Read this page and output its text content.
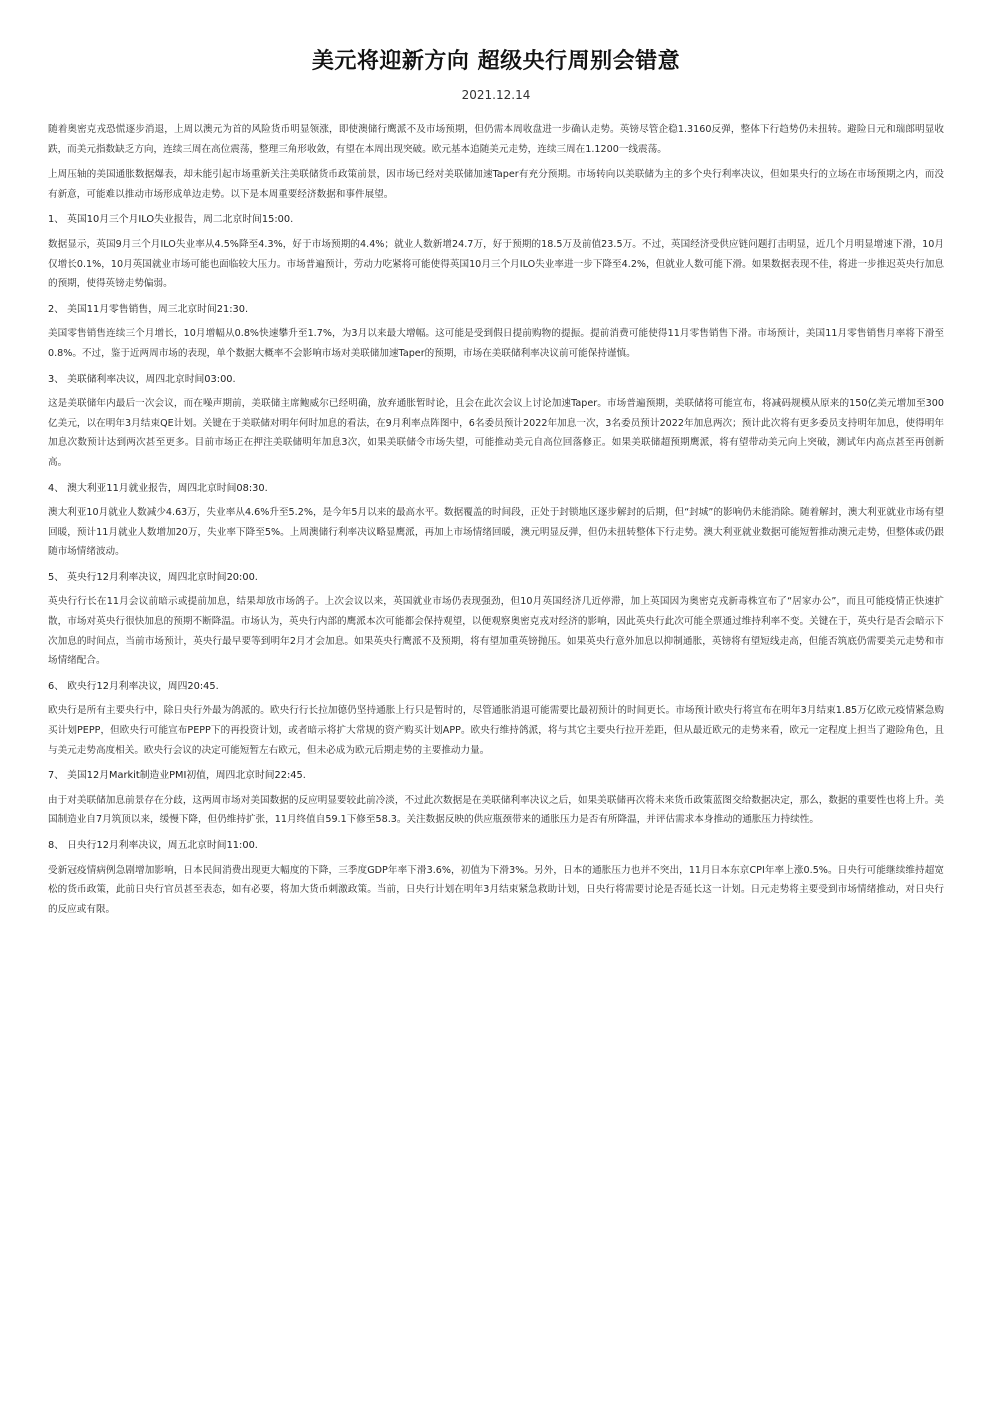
美元将迎新方向 超级央行周别会错意
2021.12.14

随着奥密克戎恐慌逐步消退，上周以澳元为首的风险货币明显领涨，即使澳储行鹰派不及市场预期，但仍需本周收盘进一步确认走势。英镑尽管企稳1.3160反弹，整体下行趋势仍未扭转。避险日元和瑞郎明显收跌，而美元指数缺乏方向，连续三周在高位震荡，整理三角形收敛，有望在本周出现突破。欧元基本追随美元走势，连续三周在1.1200一线震荡。

上周压轴的美国通胀数据爆表，却未能引起市场重新关注美联储货币政策前景，因市场已经对美联储加速Taper有充分预期。市场转向以美联储为主的多个央行利率决议，但如果央行的立场在市场预期之内，而没有新意，可能难以推动市场形成单边走势。以下是本周重要经济数据和事件展望。

1、 英国10月三个月ILO失业报告，周二北京时间15:00.

数据显示，英国9月三个月ILO失业率从4.5%降至4.3%，好于市场预期的4.4%；就业人数新增24.7万，好于预期的18.5万及前值23.5万。不过，英国经济受供应链问题打击明显，近几个月明显增速下滑，10月仅增长0.1%，10月英国就业市场可能也面临较大压力。市场普遍预计，劳动力吃紧将可能使得英国10月三个月ILO失业率进一步下降至4.2%，但就业人数可能下滑。如果数据表现不佳，将进一步推迟英央行加息的预期，使得英镑走势偏弱。

2、 美国11月零售销售，周三北京时间21:30.

美国零售销售连续三个月增长，10月增幅从0.8%快速攀升至1.7%，为3月以来最大增幅。这可能是受到假日提前购物的提振。提前消费可能使得11月零售销售下滑。市场预计，美国11月零售销售月率将下滑至0.8%。不过，鉴于近两周市场的表现，单个数据大概率不会影响市场对美联储加速Taper的预期，市场在美联储利率决议前可能保持谨慎。

3、 美联储利率决议，周四北京时间03:00.

这是美联储年内最后一次会议，而在噪声期前，美联储主席鲍威尔已经明确，放弃通胀暂时论，且会在此次会议上讨论加速Taper。市场普遍预期，美联储将可能宣布，将减码规模从原来的150亿美元增加至300亿美元，以在明年3月结束QE计划。关键在于美联储对明年何时加息的看法，在9月利率点阵图中，6名委员预计2022年加息一次，3名委员预计2022年加息两次；预计此次将有更多委员支持明年加息，使得明年加息次数预计达到两次甚至更多。目前市场正在押注美联储明年加息3次，如果美联储令市场失望，可能推动美元自高位回落修正。如果美联储超预期鹰派，将有望带动美元向上突破，测试年内高点甚至再创新高。

4、 澳大利亚11月就业报告，周四北京时间08:30.

澳大利亚10月就业人数减少4.63万，失业率从4.6%升至5.2%，是今年5月以来的最高水平。数据覆盖的时间段，正处于封锁地区逐步解封的后期，但“封城”的影响仍未能消除。随着解封，澳大利亚就业市场有望回暖，预计11月就业人数增加20万，失业率下降至5%。上周澳储行利率决议略显鹰派，再加上市场情绪回暖，澳元明显反弹，但仍未扭转整体下行走势。澳大利亚就业数据可能短暂推动澳元走势，但整体或仍跟随市场情绪波动。

5、 英央行12月利率决议，周四北京时间20:00.

英央行行长在11月会议前暗示或提前加息，结果却放市场鸽子。上次会议以来，英国就业市场仍表现强劲，但10月英国经济几近停滞，加上英国因为奥密克戎新毒株宣布了“居家办公”，而且可能疫情正快速扩散，市场对英央行很快加息的预期不断降温。市场认为，英央行内部的鹰派本次可能都会保持观望，以便观察奥密克戎对经济的影响，因此英央行此次可能全票通过维持利率不变。关键在于，英央行是否会暗示下次加息的时间点，当前市场预计，英央行最早要等到明年2月才会加息。如果英央行鹰派不及预期，将有望加重英镑抛压。如果英央行意外加息以抑制通胀，英镑将有望短线走高，但能否筑底仍需要美元走势和市场情绪配合。

6、 欧央行12月利率决议，周四20:45.

欧央行是所有主要央行中，除日央行外最为鸽派的。欧央行行长拉加德仍坚持通胀上行只是暂时的，尽管通胀消退可能需要比最初预计的时间更长。市场预计欧央行将宣布在明年3月结束1.85万亿欧元疫情紧急购买计划PEPP，但欧央行可能宣布PEPP下的再投资计划，或者暗示将扩大常规的资产购买计划APP。欧央行维持鸽派，将与其它主要央行拉开差距，但从最近欧元的走势来看，欧元一定程度上担当了避险角色，且与美元走势高度相关。欧央行会议的决定可能短暂左右欧元，但未必成为欧元后期走势的主要推动力量。

7、 美国12月Markit制造业PMI初值，周四北京时间22:45.

由于对美联储加息前景存在分歧，这两周市场对美国数据的反应明显要较此前冷淡，不过此次数据是在美联储利率决议之后，如果美联储再次将未来货币政策蓝图交给数据决定，那么，数据的重要性也将上升。美国制造业自7月筑顶以来，缓慢下降，但仍维持扩张，11月终值自59.1下修至58.3。关注数据反映的供应瓶颈带来的通胀压力是否有所降温，并评估需求本身推动的通胀压力持续性。

8、 日央行12月利率决议，周五北京时间11:00.

受新冠疫情病例急剧增加影响，日本民间消费出现更大幅度的下降，三季度GDP年率下滑3.6%，初值为下滑3%。另外，日本的通胀压力也并不突出，11月日本东京CPI年率上涨0.5%。日央行可能继续维持超宽松的货币政策，此前日央行官员甚至表态，如有必要，将加大货币刺激政策。当前，日央行计划在明年3月结束紧急救助计划，日央行将需要讨论是否延长这一计划。日元走势将主要受到市场情绪推动，对日央行的反应或有限。
